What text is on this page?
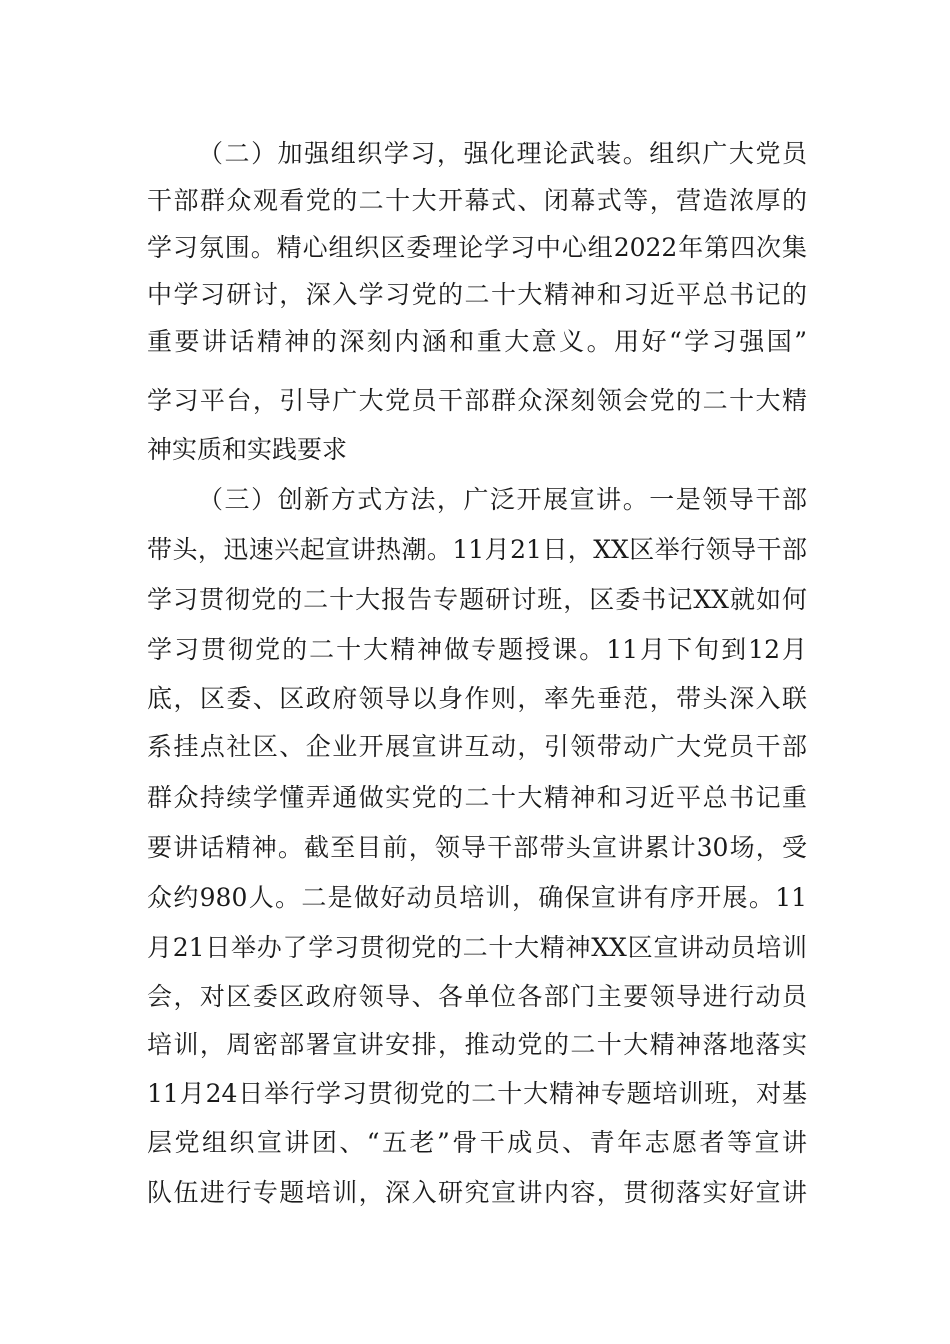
（二）加强组织学习，强化理论武装。组织广大党员
干部群众观看党的二十大开幕式、闭幕式等，营造浓厚的
学习氛围。精心组织区委理论学习中心组2022年第四次集
中学习研讨，深入学习党的二十大精神和习近平总书记的
重要讲话精神的深刻内涵和重大意义。用好“学习强国”
学习平台，引导广大党员干部群众深刻领会党的二十大精
神实质和实践要求
（三）创新方式方法，广泛开展宣讲。一是领导干部
带头，迅速兴起宣讲热潮。11月21日，XX区举行领导干部
学习贯彻党的二十大报告专题研讨班，区委书记XX就如何
学习贯彻党的二十大精神做专题授课。11月下旬到12月
底，区委、区政府领导以身作则，率先垂范，带头深入联
系挂点社区、企业开展宣讲互动，引领带动广大党员干部
群众持续学懂弄通做实党的二十大精神和习近平总书记重
要讲话精神。截至目前，领导干部带头宣讲累计30场，受
众约980人。二是做好动员培训，确保宣讲有序开展。11
月21日举办了学习贯彻党的二十大精神XX区宣讲动员培训
会，对区委区政府领导、各单位各部门主要领导进行动员
培训，周密部署宣讲安排，推动党的二十大精神落地落实
11月24日举行学习贯彻党的二十大精神专题培训班，对基
层党组织宣讲团、“五老”骨干成员、青年志愿者等宣讲
队伍进行专题培训，深入研究宣讲内容，贯彻落实好宣讲
